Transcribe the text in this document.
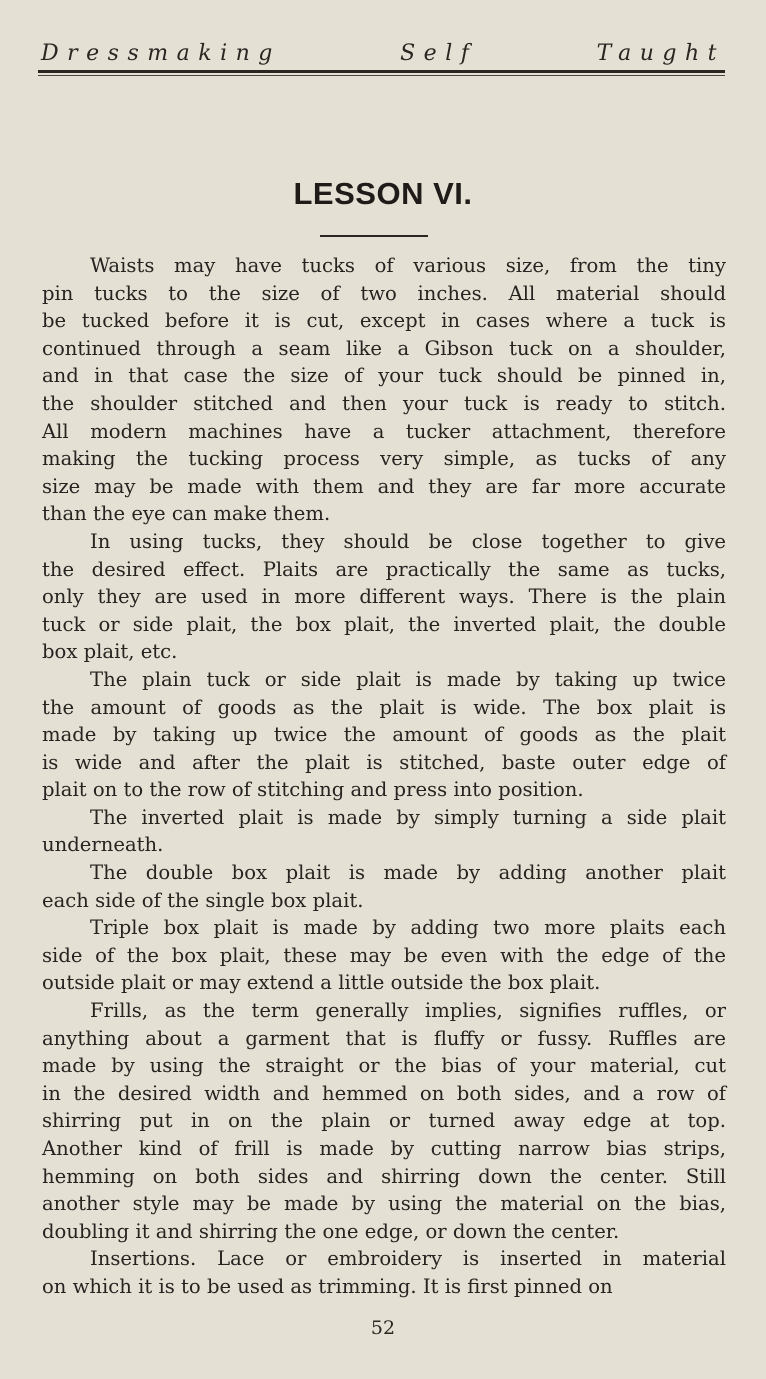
Dressmaking	Self	Taught
LESSON VI.

Waists may have tucks of various size, from the tiny
pin tucks to the size of two inches. All material should
be tucked before it is cut, except in cases where a tuck is
continued through a seam like a Gibson tuck on a shoulder,
and in that case the size of your tuck should be pinned in,
the shoulder stitched and then your tuck is ready to stitch.
All modern machines have a tucker attachment, therefore
making the tucking process very simple, as tucks of any
size may be made with them and they are far more accurate
than the eye can make them.

In using tucks, they should be close together to give
the desired effect. Plaits are practically the same as tucks,
only they are used in more different ways. There is the plain
tuck or side plait, the box plait, the inverted plait, the double
box plait, etc.

The plain tuck or side plait is made by taking up twice
the amount of goods as the plait is wide. The box plait is
made by taking up twice the amount of goods as the plait
is wide and after the plait is stitched, baste outer edge of
plait on to the row of stitching and press into position.

The inverted plait is made by simply turning a side plait
underneath.

The double box plait is made by adding another plait
each side of the single box plait.

Triple box plait is made by adding two more plaits each
side of the box plait, these may be even with the edge of the
outside plait or may extend a little outside the box plait.

Frills, as the term generally implies, signifies ruffles, or
anything about a garment that is fluffy or fussy. Ruffles are
made by using the straight or the bias of your material, cut
in the desired width and hemmed on both sides, and a row of
shirring put in on the plain or turned away edge at top.
Another kind of frill is made by cutting narrow bias strips,
hemming on both sides and shirring down the center. Still
another style may be made by using the material on the bias,
doubling it and shirring the one edge, or down the center.

Insertions. Lace or embroidery is inserted in material
on which it is to be used as trimming. It is first pinned on

52
